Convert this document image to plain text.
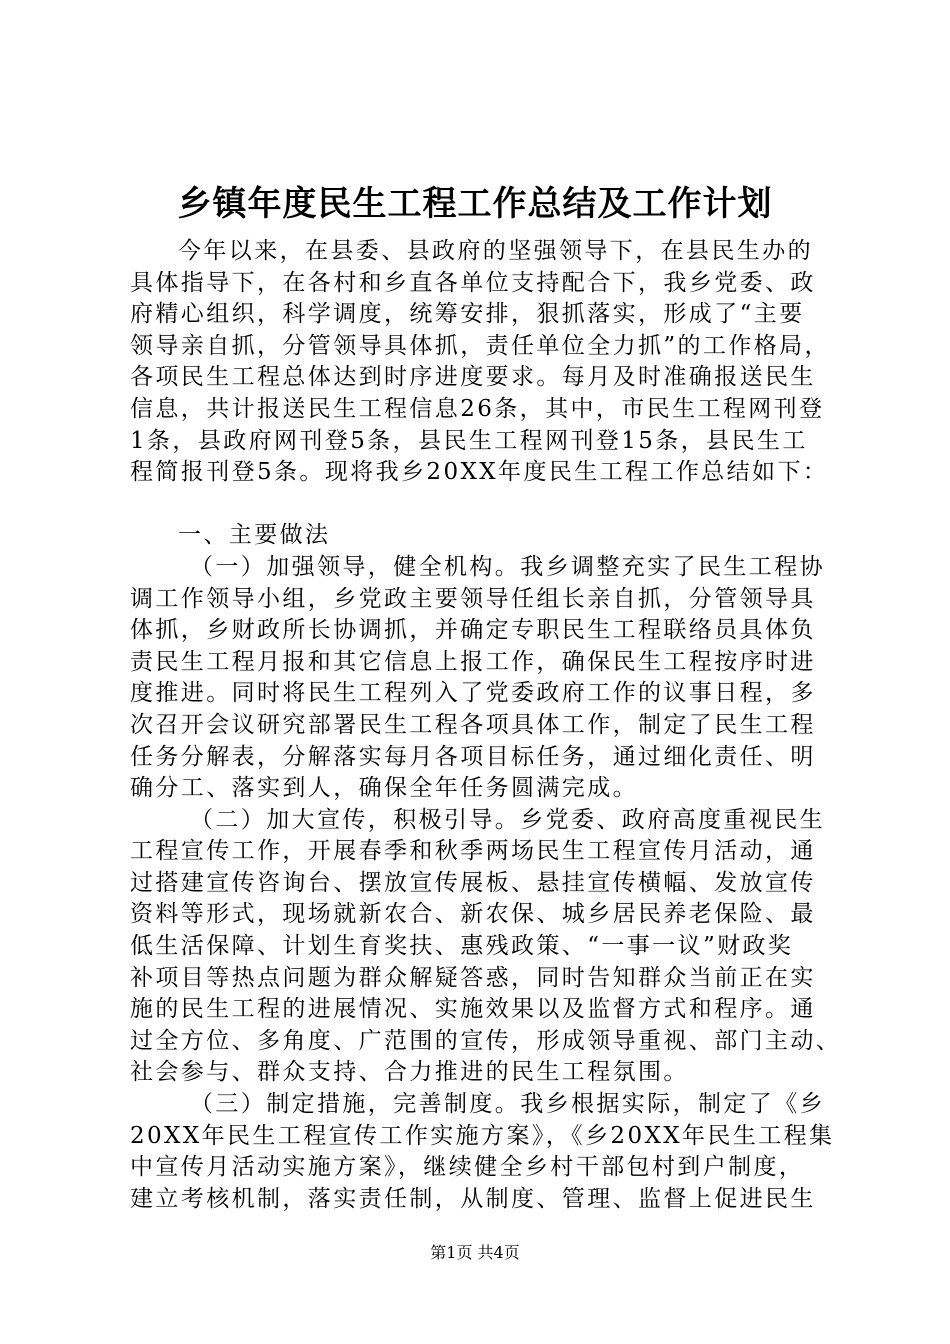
乡镇年度民生工程工作总结及工作计划
今年以来，在县委、县政府的坚强领导下，在县民生办的
具体指导下，在各村和乡直各单位支持配合下，我乡党委、政
府精心组织，科学调度，统筹安排，狠抓落实，形成了“主要
领导亲自抓，分管领导具体抓，责任单位全力抓”的工作格局，
各项民生工程总体达到时序进度要求。每月及时准确报送民生
信息，共计报送民生工程信息26条，其中，市民生工程网刊登
1条，县政府网刊登5条，县民生工程网刊登15条，县民生工
程简报刊登5条。现将我乡20XX年度民生工程工作总结如下：
一、主要做法
（一）加强领导，健全机构。我乡调整充实了民生工程协
调工作领导小组，乡党政主要领导任组长亲自抓，分管领导具
体抓，乡财政所长协调抓，并确定专职民生工程联络员具体负
责民生工程月报和其它信息上报工作，确保民生工程按序时进
度推进。同时将民生工程列入了党委政府工作的议事日程，多
次召开会议研究部署民生工程各项具体工作，制定了民生工程
任务分解表，分解落实每月各项目标任务，通过细化责任、明
确分工、落实到人，确保全年任务圆满完成。
（二）加大宣传，积极引导。乡党委、政府高度重视民生
工程宣传工作，开展春季和秋季两场民生工程宣传月活动，通
过搭建宣传咨询台、摆放宣传展板、悬挂宣传横幅、发放宣传
资料等形式，现场就新农合、新农保、城乡居民养老保险、最
低生活保障、计划生育奖扶、惠残政策、“一事一议”财政奖
补项目等热点问题为群众解疑答惑，同时告知群众当前正在实
施的民生工程的进展情况、实施效果以及监督方式和程序。通
过全方位、多角度、广范围的宣传，形成领导重视、部门主动、
社会参与、群众支持、合力推进的民生工程氛围。
（三）制定措施，完善制度。我乡根据实际，制定了《乡
20XX年民生工程宣传工作实施方案》，《乡20XX年民生工程集
中宣传月活动实施方案》，继续健全乡村干部包村到户制度，
建立考核机制，落实责任制，从制度、管理、监督上促进民生
第1页 共4页
